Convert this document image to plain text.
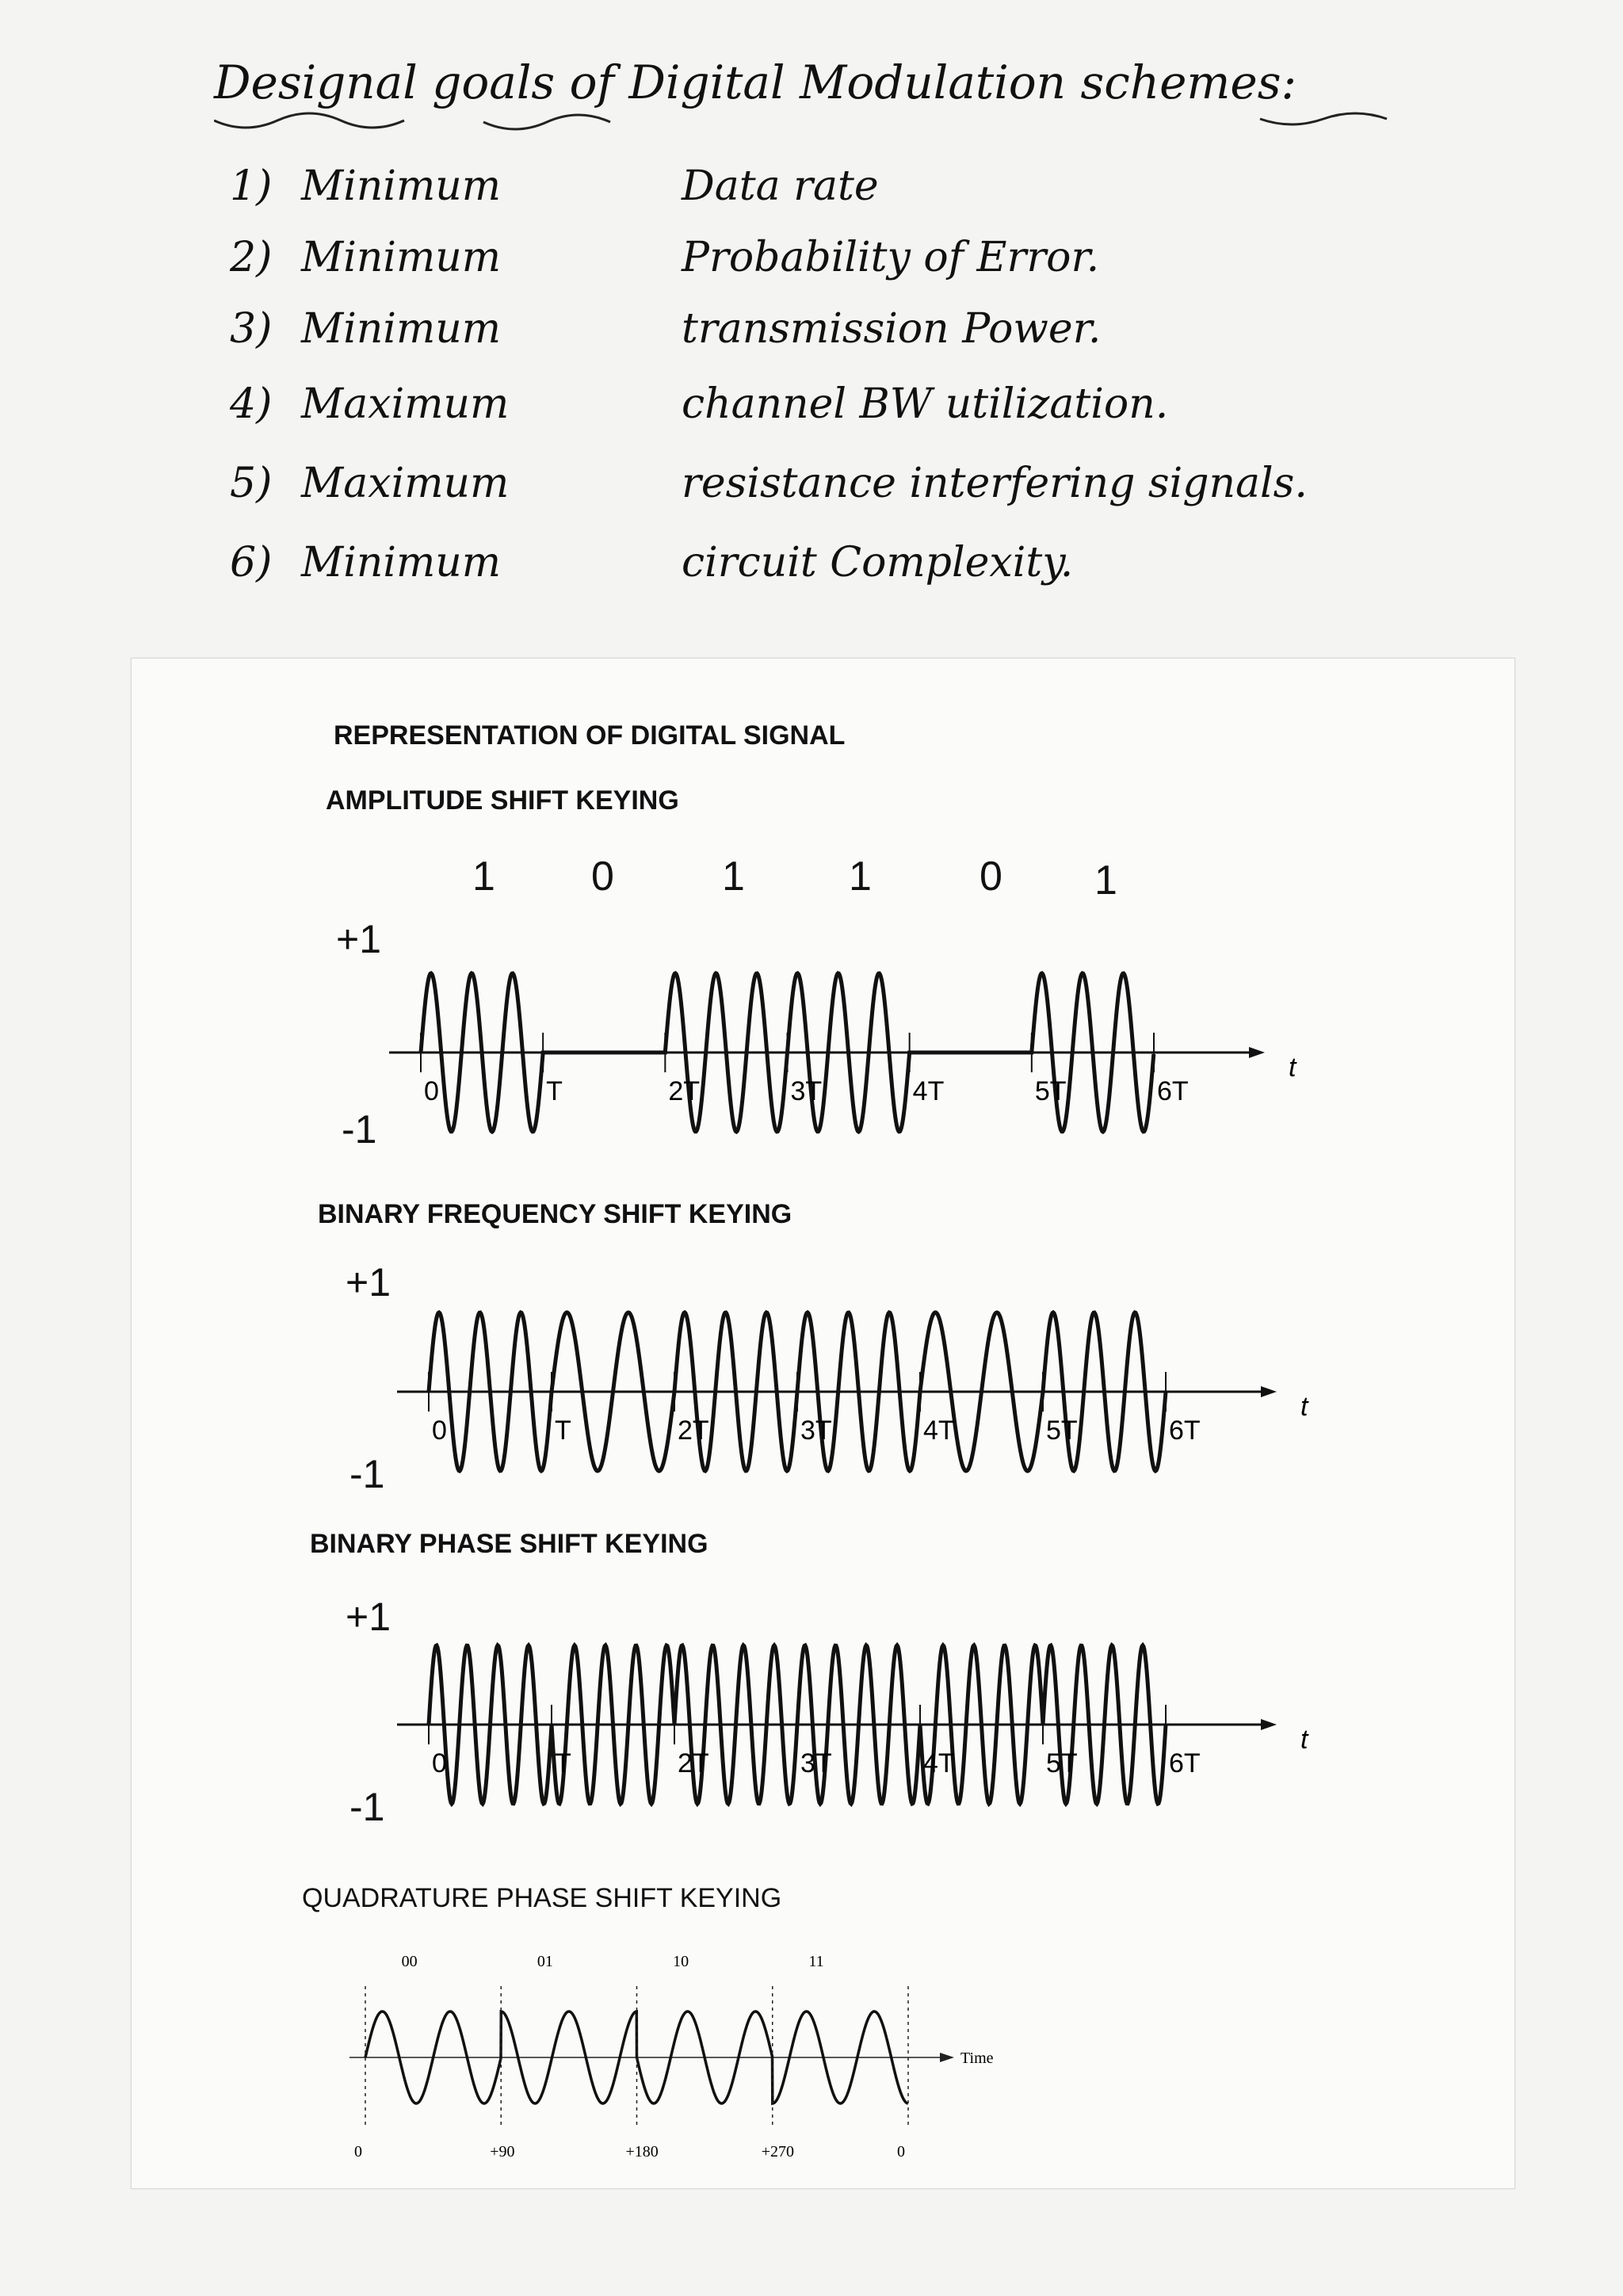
Designal goals of Digital Modulation schemes:
1) Minimum	Data rate
2) Minimum	Probability of Error.
3) Minimum	transmission Power.
4) Maximum	channel BW utilization.
5) Maximum	resistance interfering signals.
6) Minimum	circuit Complexity.
REPRESENTATION OF DIGITAL SIGNAL
AMPLITUDE SHIFT KEYING
1 0	1	1	0 1
+1
-1
t
0	T	2T	3T	4T	5T	6T
BINARY FREQUENCY SHIFT KEYING
+1
-1
t
0	T	2T	3T	4T	5T	6T
BINARY PHASE SHIFT KEYING
+1
-1
t
0	T	2T	3T	4T	5T	6T
QUADRATURE PHASE SHIFT KEYING
Time
0	+90	+180	+270	0
00	01	10	11
